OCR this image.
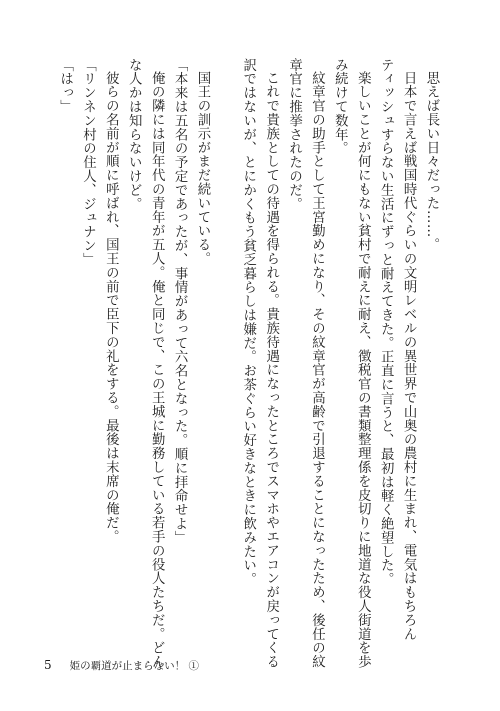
思えば長い日々だった……。
日本で言えば戦国時代ぐらいの文明レベルの異世界で山奥の農村に生まれ、電気はもちろん
ティッシュすらない生活にずっと耐えてきた。正直に言うと、最初は軽く絶望した。
楽しいことが何にもない貧村で耐えに耐え、徴税官の書類整理係を皮切りに地道な役人街道を歩
み続けて数年。
紋章官の助手として王宮勤めになり、その紋章官が高齢で引退することになったため、後任の紋
章官に推挙されたのだ。
これで貴族としての待遇を得られる。貴族待遇になったところでスマホやエアコンが戻ってくる
訳ではないが、とにかくもう貧乏暮らしは嫌だ。お茶ぐらい好きなときに飲みたい。
国王の訓示がまだ続いている。
「本来は五名の予定であったが、事情があって六名となった。順に拝命せよ」
俺の隣には同年代の青年が五人。俺と同じで、この王城に勤務している若手の役人たちだ。どん
な人かは知らないけど。
彼らの名前が順に呼ばれ、国王の前で臣下の礼をする。最後は末席の俺だ。
「リンネン村の住人、ジュナン」
「はっ」
5 姫の覇道が止まらない！ ①
